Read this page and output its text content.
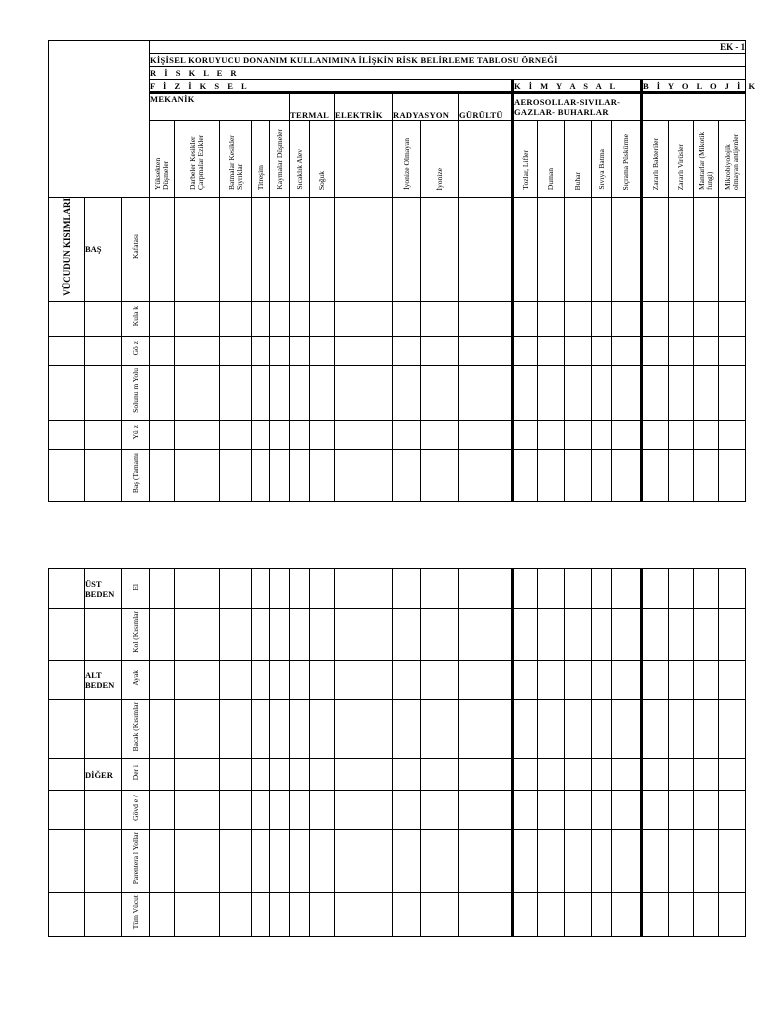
			EK - 1																			
			KİŞİSEL KORUYUCU DONANIM KULLANIMINA İLİŞKİN RİSK BELİRLEME TABLOSU ÖRNEĞİ																			
			R İ S K L E R																			
			F İ Z İ K S E L											K İ M Y A S A L					B İ Y O L O J İ K			
			MEKANİK					TERMAL		ELEKTRİK	RADYASYON		GÜRÜLTÜ	AEROSOLLAR-SIVILAR-GAZLAR- BUHARLAR								
			Yüksekten Düşmeler	Darbeler Kesikler Çarpmalar Ezikler	Batmalar Kesikler Sıyrıklar	Titreşim	Kaymalar Düşmeler	Sıcaklık Alev	Soğuk		İyonize Olmayan	İyonize		Tozlar, Lifler	Duman	Buhar	Sıvıya Batma	Sıçrama Püskürme	Zararlı Bakteriler	Zararlı Virüsler	Mantarlar (Mikotik fungi)	Mikrobiyolojik olmayan antijenler
VÜCUDUN KISIMLARI	BAŞ	Kafatası																				
		Kula k																				
		Gö z																				
		Solunu m Yolu																				
		Yü z																				
		Baş (Tamamı																				
	ÜST BEDEN	El																				
		Kol (Kısımlar																				
	ALT BEDEN	Ayak																				
		Bacak (Kısımlar																				
	DİĞER	Der i																				
		Gövd e /																				
		Parentera l Yollar																				
		Tüm Vücut																				
